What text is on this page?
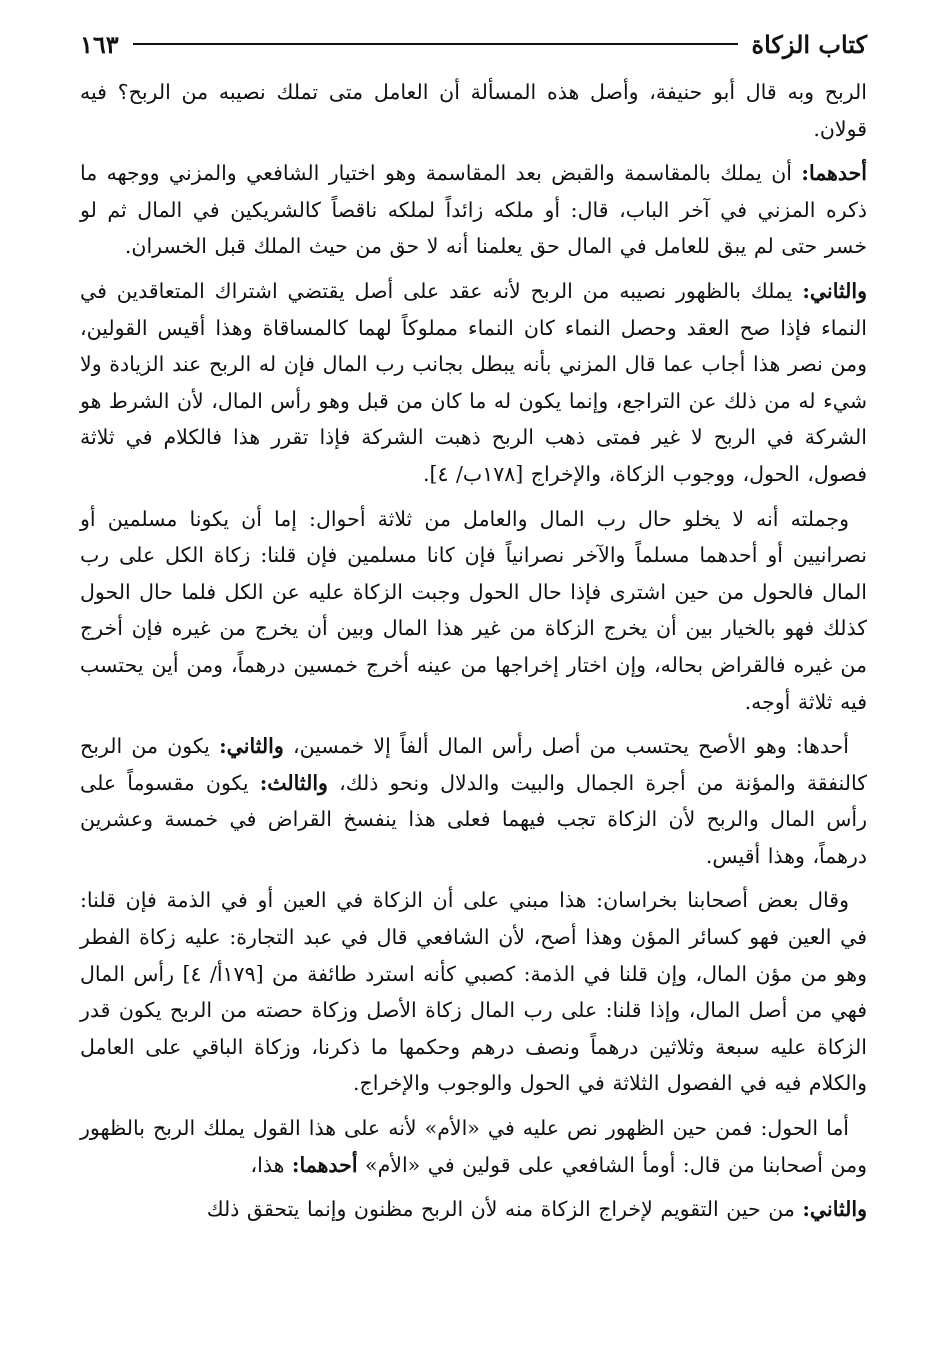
كتاب الزكاة
١٦٣

الربح وبه قال أبو حنيفة، وأصل هذه المسألة أن العامل متى تملك نصيبه من الربح؟ فيه قولان.

أحدهما: أن يملك بالمقاسمة والقبض بعد المقاسمة وهو اختيار الشافعي والمزني ووجهه ما ذكره المزني في آخر الباب، قال: أو ملكه زائداً لملكه ناقصاً كالشريكين في المال ثم لو خسر حتى لم يبق للعامل في المال حق يعلمنا أنه لا حق من حيث الملك قبل الخسران.

والثاني: يملك بالظهور نصيبه من الربح لأنه عقد على أصل يقتضي اشتراك المتعاقدين في النماء فإذا صح العقد وحصل النماء كان النماء مملوكاً لهما كالمساقاة وهذا أقيس القولين، ومن نصر هذا أجاب عما قال المزني بأنه يبطل بجانب رب المال فإن له الربح عند الزيادة ولا شيء له من ذلك عن التراجع، وإنما يكون له ما كان من قبل وهو رأس المال، لأن الشرط هو الشركة في الربح لا غير فمتى ذهب الربح ذهبت الشركة فإذا تقرر هذا فالكلام في ثلاثة فصول، الحول، ووجوب الزكاة، والإخراج [١٧٨ب/ ٤].

وجملته أنه لا يخلو حال رب المال والعامل من ثلاثة أحوال: إما أن يكونا مسلمين أو نصرانيين أو أحدهما مسلماً والآخر نصرانياً فإن كانا مسلمين فإن قلنا: زكاة الكل على رب المال فالحول من حين اشترى فإذا حال الحول وجبت الزكاة عليه عن الكل فلما حال الحول كذلك فهو بالخيار بين أن يخرج الزكاة من غير هذا المال وبين أن يخرج من غيره فإن أخرج من غيره فالقراض بحاله، وإن اختار إخراجها من عينه أخرج خمسين درهماً، ومن أين يحتسب فيه ثلاثة أوجه.

أحدها: وهو الأصح يحتسب من أصل رأس المال ألفاً إلا خمسين، والثاني: يكون من الربح كالنفقة والمؤنة من أجرة الجمال والبيت والدلال ونحو ذلك، والثالث: يكون مقسوماً على رأس المال والربح لأن الزكاة تجب فيهما فعلى هذا ينفسخ القراض في خمسة وعشرين درهماً، وهذا أقيس.

وقال بعض أصحابنا بخراسان: هذا مبني على أن الزكاة في العين أو في الذمة فإن قلنا: في العين فهو كسائر المؤن وهذا أصح، لأن الشافعي قال في عبد التجارة: عليه زكاة الفطر وهو من مؤن المال، وإن قلنا في الذمة: كصبي كأنه استرد طائفة من [١٧٩أ/ ٤] رأس المال فهي من أصل المال، وإذا قلنا: على رب المال زكاة الأصل وزكاة حصته من الربح يكون قدر الزكاة عليه سبعة وثلاثين درهماً ونصف درهم وحكمها ما ذكرنا، وزكاة الباقي على العامل والكلام فيه في الفصول الثلاثة في الحول والوجوب والإخراج.

أما الحول: فمن حين الظهور نص عليه في «الأم» لأنه على هذا القول يملك الربح بالظهور ومن أصحابنا من قال: أومأ الشافعي على قولين في «الأم» أحدهما: هذا،

والثاني: من حين التقويم لإخراج الزكاة منه لأن الربح مظنون وإنما يتحقق ذلك
